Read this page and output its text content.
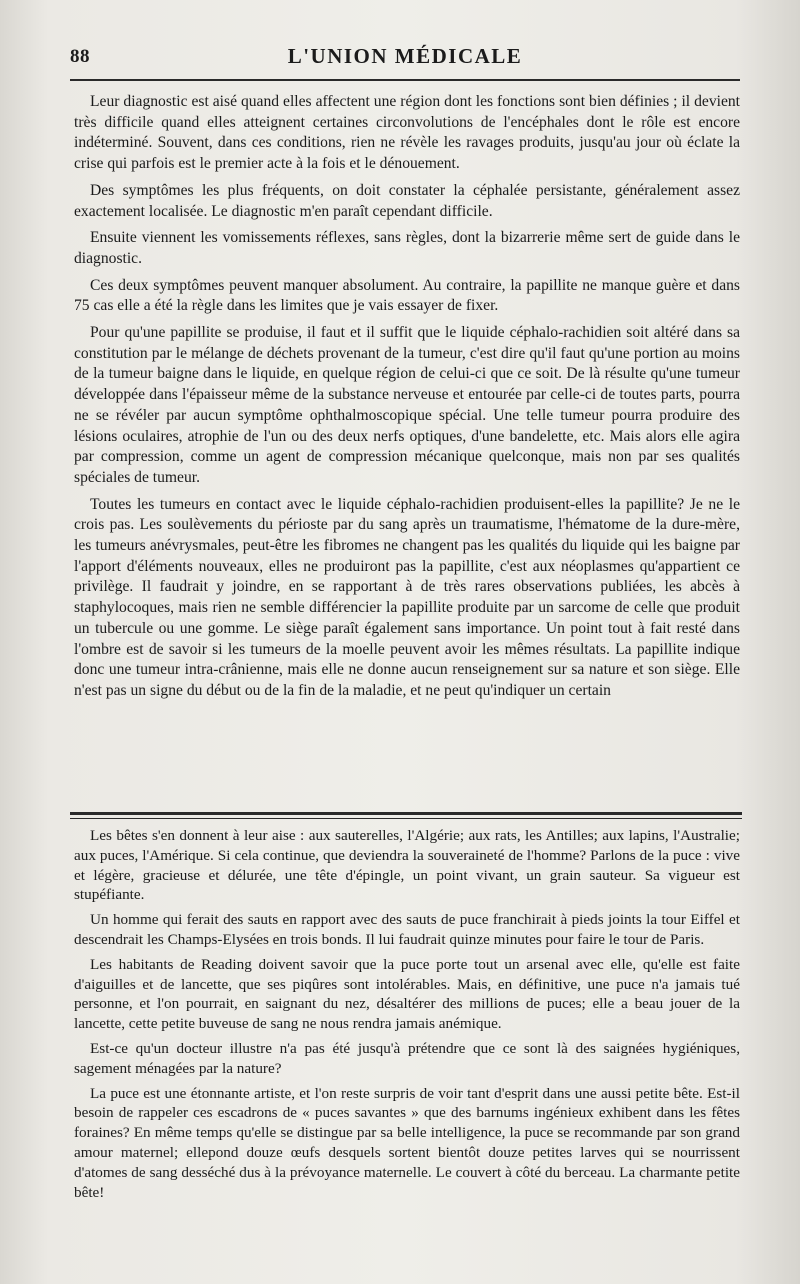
88	L'UNION MÉDICALE

Leur diagnostic est aisé quand elles affectent une région dont les fonctions sont bien définies ; il devient très difficile quand elles atteignent certaines circonvolutions de l'encéphales dont le rôle est encore indéterminé. Souvent, dans ces conditions, rien ne révèle les ravages produits, jusqu'au jour où éclate la crise qui parfois est le premier acte à la fois et le dénouement.

Des symptômes les plus fréquents, on doit constater la céphalée persistante, généralement assez exactement localisée. Le diagnostic m'en paraît cependant difficile.

Ensuite viennent les vomissements réflexes, sans règles, dont la bizarrerie même sert de guide dans le diagnostic.

Ces deux symptômes peuvent manquer absolument. Au contraire, la papillite ne manque guère et dans 75 cas elle a été la règle dans les limites que je vais essayer de fixer.

Pour qu'une papillite se produise, il faut et il suffit que le liquide céphalo-rachidien soit altéré dans sa constitution par le mélange de déchets provenant de la tumeur, c'est dire qu'il faut qu'une portion au moins de la tumeur baigne dans le liquide, en quelque région de celui-ci que ce soit. De là résulte qu'une tumeur développée dans l'épaisseur même de la substance nerveuse et entourée par celle-ci de toutes parts, pourra ne se révéler par aucun symptôme ophthalmoscopique spécial. Une telle tumeur pourra produire des lésions oculaires, atrophie de l'un ou des deux nerfs optiques, d'une bandelette, etc. Mais alors elle agira par compression, comme un agent de compression mécanique quelconque, mais non par ses qualités spéciales de tumeur.

Toutes les tumeurs en contact avec le liquide céphalo-rachidien produisent-elles la papillite? Je ne le crois pas. Les soulèvements du périoste par du sang après un traumatisme, l'hématome de la dure-mère, les tumeurs anévrysmales, peut-être les fibromes ne changent pas les qualités du liquide qui les baigne par l'apport d'éléments nouveaux, elles ne produiront pas la papillite, c'est aux néoplasmes qu'appartient ce privilège. Il faudrait y joindre, en se rapportant à de très rares observations publiées, les abcès à staphylocoques, mais rien ne semble différencier la papillite produite par un sarcome de celle que produit un tubercule ou une gomme. Le siège paraît également sans importance. Un point tout à fait resté dans l'ombre est de savoir si les tumeurs de la moelle peuvent avoir les mêmes résultats. La papillite indique donc une tumeur intra-crânienne, mais elle ne donne aucun renseignement sur sa nature et son siège. Elle n'est pas un signe du début ou de la fin de la maladie, et ne peut qu'indiquer un certain

Les bêtes s'en donnent à leur aise : aux sauterelles, l'Algérie; aux rats, les Antilles; aux lapins, l'Australie; aux puces, l'Amérique. Si cela continue, que deviendra la souveraineté de l'homme? Parlons de la puce : vive et légère, gracieuse et délurée, une tête d'épingle, un point vivant, un grain sauteur. Sa vigueur est stupéfiante.

Un homme qui ferait des sauts en rapport avec des sauts de puce franchirait à pieds joints la tour Eiffel et descendrait les Champs-Elysées en trois bonds. Il lui faudrait quinze minutes pour faire le tour de Paris.

Les habitants de Reading doivent savoir que la puce porte tout un arsenal avec elle, qu'elle est faite d'aiguilles et de lancette, que ses piqûres sont intolérables. Mais, en définitive, une puce n'a jamais tué personne, et l'on pourrait, en saignant du nez, désaltérer des millions de puces; elle a beau jouer de la lancette, cette petite buveuse de sang ne nous rendra jamais anémique.

Est-ce qu'un docteur illustre n'a pas été jusqu'à prétendre que ce sont là des saignées hygiéniques, sagement ménagées par la nature?

La puce est une étonnante artiste, et l'on reste surpris de voir tant d'esprit dans une aussi petite bête. Est-il besoin de rappeler ces escadrons de « puces savantes » que des barnums ingénieux exhibent dans les fêtes foraines? En même temps qu'elle se distingue par sa belle intelligence, la puce se recommande par son grand amour maternel; ellepond douze œufs desquels sortent bientôt douze petites larves qui se nourrissent d'atomes de sang desséché dus à la prévoyance maternelle. Le couvert à côté du berceau. La charmante petite bête!
